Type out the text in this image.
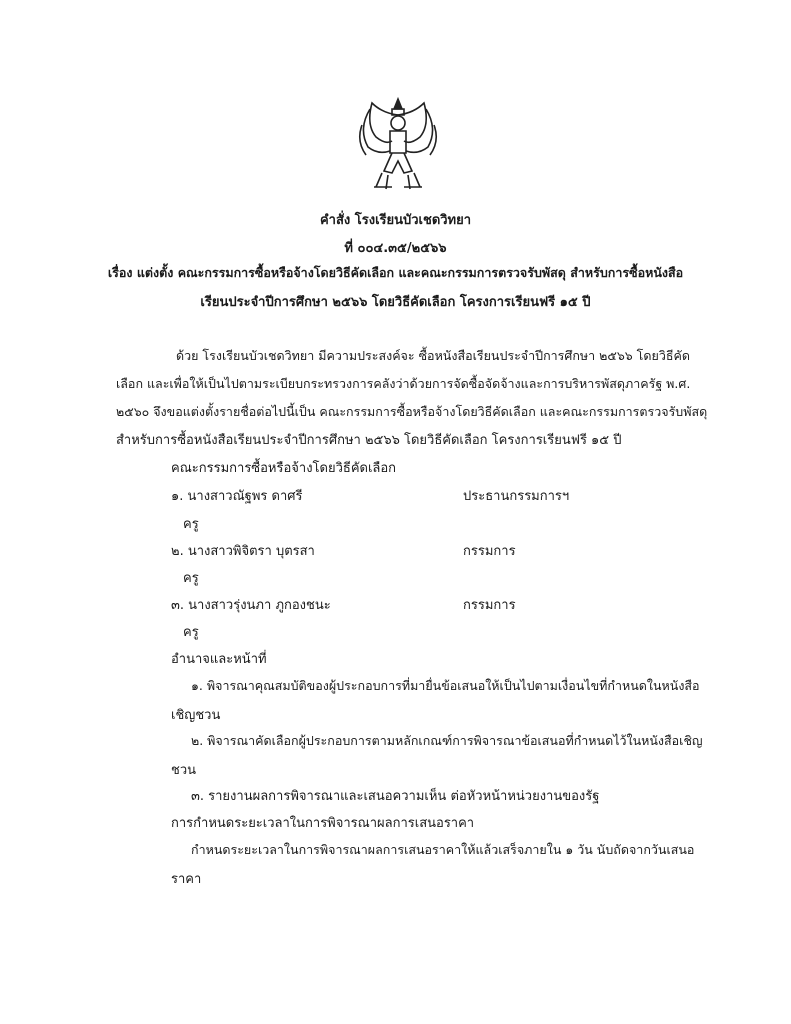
คำสั่ง โรงเรียนบัวเชดวิทยา
ที่ ๐๐๔.๓๕/๒๕๖๖
เรื่อง แต่งตั้ง คณะกรรมการซื้อหรือจ้างโดยวิธีคัดเลือก และคณะกรรมการตรวจรับพัสดุ สำหรับการซื้อหนังสือ
เรียนประจำปีการศึกษา ๒๕๖๖ โดยวิธีคัดเลือก โครงการเรียนฟรี ๑๕ ปี
ด้วย โรงเรียนบัวเชดวิทยา มีความประสงค์จะ ซื้อหนังสือเรียนประจำปีการศึกษา ๒๕๖๖ โดยวิธีคัด
เลือก และเพื่อให้เป็นไปตามระเบียบกระทรวงการคลังว่าด้วยการจัดซื้อจัดจ้างและการบริหารพัสดุภาครัฐ พ.ศ.
๒๕๖๐ จึงขอแต่งตั้งรายชื่อต่อไปนี้เป็น คณะกรรมการซื้อหรือจ้างโดยวิธีคัดเลือก และคณะกรรมการตรวจรับพัสดุ
สำหรับการซื้อหนังสือเรียนประจำปีการศึกษา ๒๕๖๖ โดยวิธีคัดเลือก โครงการเรียนฟรี ๑๕ ปี
คณะกรรมการซื้อหรือจ้างโดยวิธีคัดเลือก
๑. นางสาวณัฐพร ดาศรี	ประธานกรรมการฯ
ครู
๒. นางสาวพิจิตรา บุตรสา	กรรมการ
ครู
๓. นางสาวรุ่งนภา ภูกองชนะ	กรรมการ
ครู
อำนาจและหน้าที่
๑. พิจารณาคุณสมบัติของผู้ประกอบการที่มายื่นข้อเสนอให้เป็นไปตามเงื่อนไขที่กำหนดในหนังสือ
เชิญชวน
๒. พิจารณาคัดเลือกผู้ประกอบการตามหลักเกณฑ์การพิจารณาข้อเสนอที่กำหนดไว้ในหนังสือเชิญ
ชวน
๓. รายงานผลการพิจารณาและเสนอความเห็น ต่อหัวหน้าหน่วยงานของรัฐ
การกำหนดระยะเวลาในการพิจารณาผลการเสนอราคา
กำหนดระยะเวลาในการพิจารณาผลการเสนอราคาให้แล้วเสร็จภายใน ๑ วัน นับถัดจากวันเสนอ
ราคา
